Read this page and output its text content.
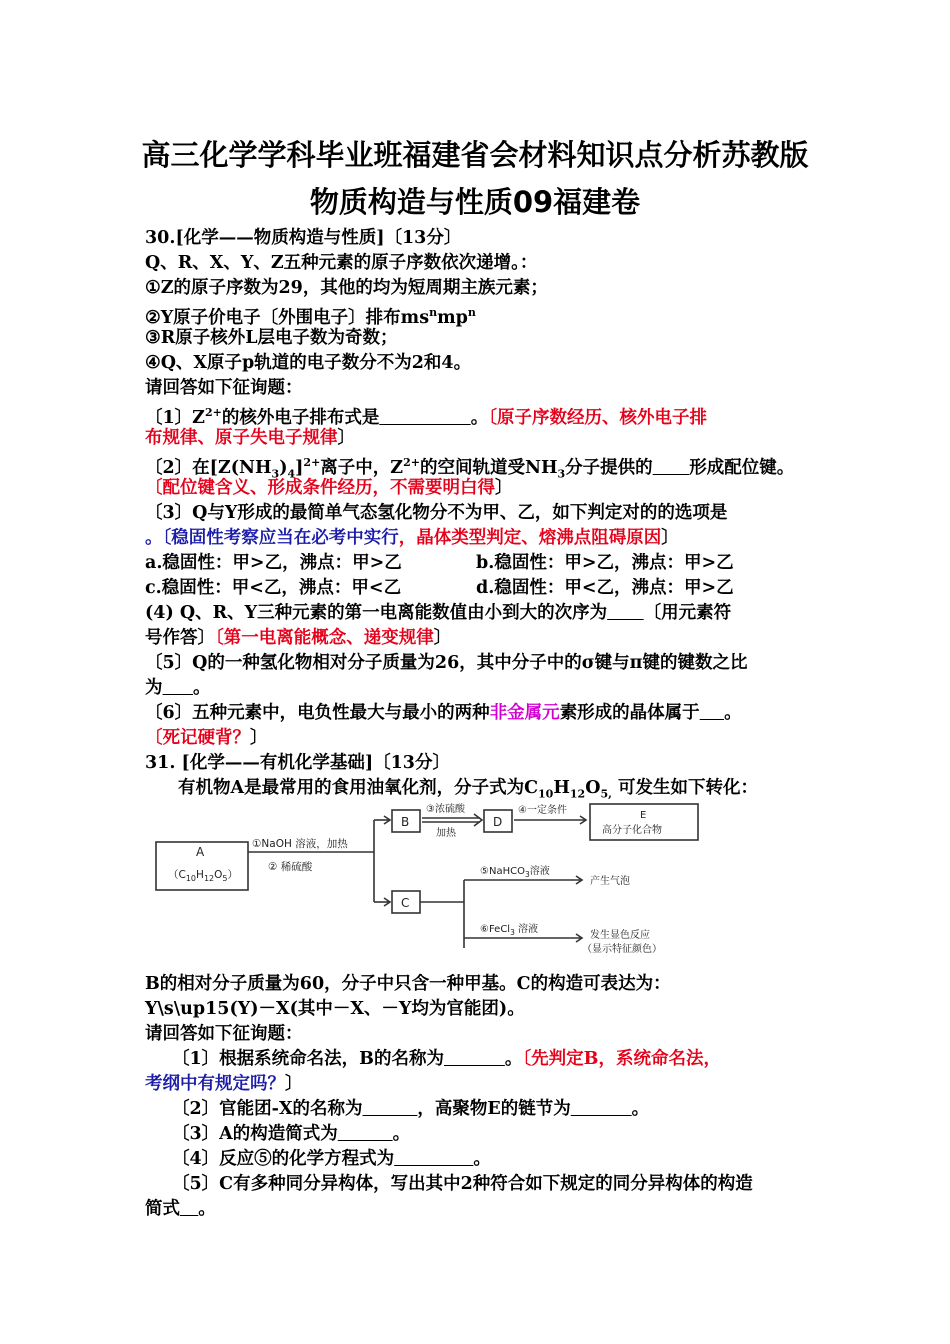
高三化学学科毕业班福建省会材料知识点分析苏教版
物质构造与性质09福建卷
30.[化学——物质构造与性质]〔13分〕
Q、R、X、Y、Z五种元素的原子序数依次递增。：
①Z的原子序数为29，其他的均为短周期主族元素；
②Y原子价电子〔外围电子〕排布$ms^nmp^n$
③R原子核外L层电子数为奇数；
④Q、X原子p轨道的电子数分不为2和4。
请回答如下征询题：
〔1〕$Z^{2+}$的核外电子排布式是	。〔原子序数经历、核外电子排
布规律、原子失电子规律〕
〔2〕在$[Z(NH_3)_4]^{2+}$离子中，$Z^{2+}$的空间轨道受$NH_3$分子提供的 形成配位键。
〔配位键含义、形成条件经历，不需要明白得〕
〔3〕Q与Y形成的最简单气态氢化物分不为甲、乙，如下判定对的的选项是
。〔稳固性考察应当在必考中实行，晶体类型判定、熔沸点阻碍原因〕
a.稳固性：甲>乙，沸点：甲>乙	b.稳固性：甲>乙，沸点：甲>乙
c.稳固性：甲<乙，沸点：甲<乙	d.稳固性：甲<乙，沸点：甲>乙
(4) Q、R、Y三种元素的第一电离能数值由小到大的次序为 〔用元素符
号作答〕〔第一电离能概念、递变规律〕
〔5〕Q的一种氢化物相对分子质量为26，其中分子中的σ键与π键的键数之比
为 。
〔6〕五种元素中，电负性最大与最小的两种非金属元素形成的晶体属于 。
〔死记硬背？〕
31. [化学——有机化学基础]〔13分〕
有机物A是最常用的食用油氧化剂，分子式为$C_{10}H_{12}O_{5,}$ 可发生如下转化：
A
$(C_{10}H_{12}O_5)$
①NaOH 溶液，加热
② 稀硫酸
B
③浓硫酸
加热
D
④一定条件	E
高分子化合物
C
⑤NaHCO$_3$溶液
产生气泡
⑥FeCl$_3$ 溶液
发生显色反应
（显示特征颜色）
B的相对分子质量为60，分子中只含一种甲基。C的构造可表达为：
Y\s\up15(Y)－X(其中－X、－Y均为官能团)。
请回答如下征询题：
〔1〕根据系统命名法，B的名称为	。〔先判定B，系统命名法，
考纲中有规定吗？〕
〔2〕官能团-X的名称为	，高聚物E的链节为	。
〔3〕A的构造简式为	。
〔4〕反应⑤的化学方程式为	。
〔5〕C有多种同分异构体，写出其中2种符合如下规定的同分异构体的构造
简式 。
